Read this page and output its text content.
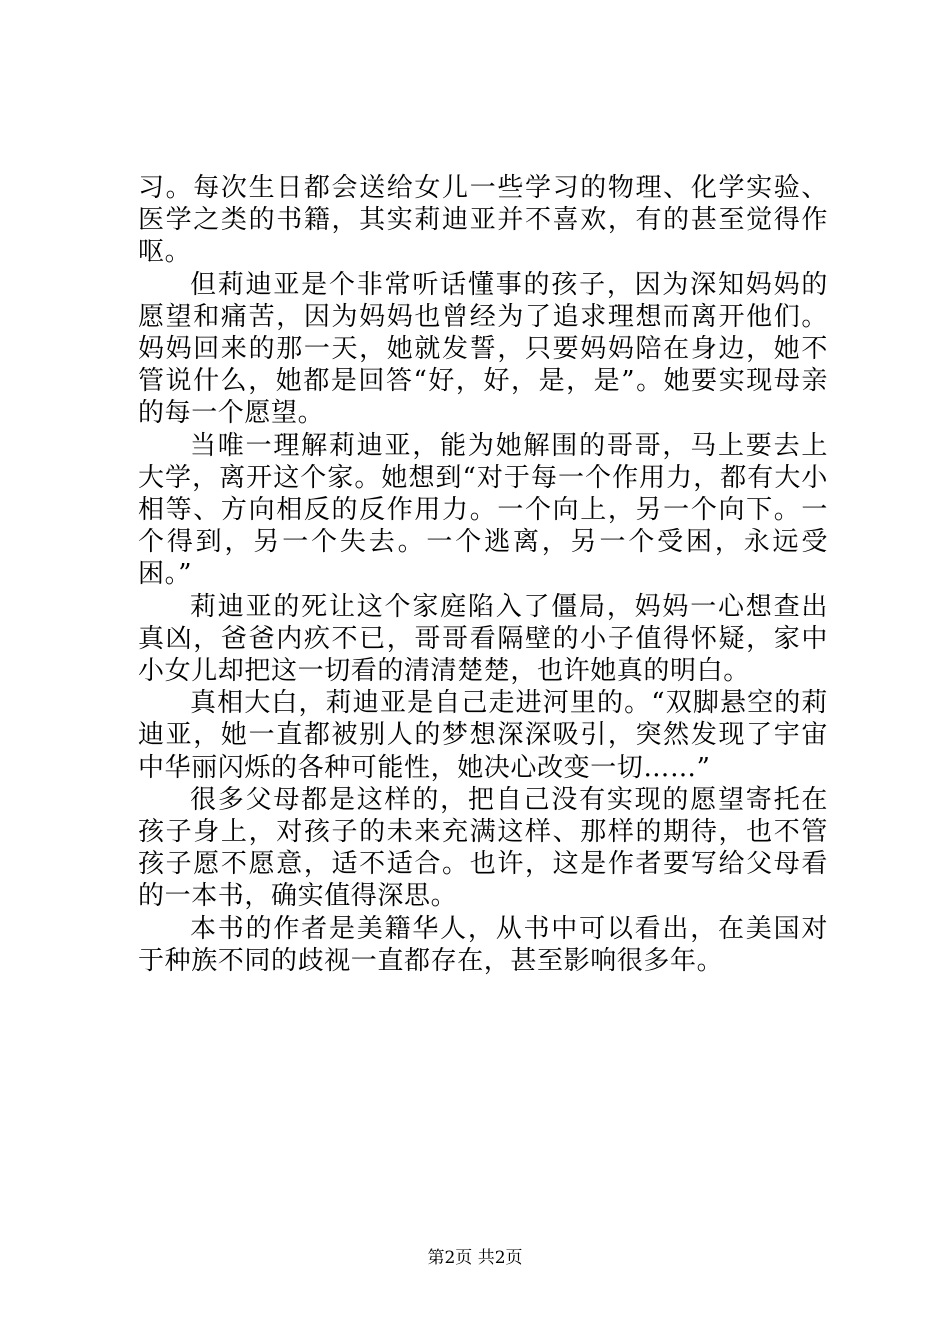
习。每次生日都会送给女儿一些学习的物理、化学实验、医学之类的书籍，其实莉迪亚并不喜欢，有的甚至觉得作呕。

但莉迪亚是个非常听话懂事的孩子，因为深知妈妈的愿望和痛苦，因为妈妈也曾经为了追求理想而离开他们。妈妈回来的那一天，她就发誓，只要妈妈陪在身边，她不管说什么，她都是回答“好，好，是，是”。她要实现母亲的每一个愿望。

当唯一理解莉迪亚，能为她解围的哥哥，马上要去上大学，离开这个家。她想到“对于每一个作用力，都有大小相等、方向相反的反作用力。一个向上，另一个向下。一个得到，另一个失去。一个逃离，另一个受困，永远受困。”

莉迪亚的死让这个家庭陷入了僵局，妈妈一心想查出真凶，爸爸内疚不已，哥哥看隔壁的小子值得怀疑，家中小女儿却把这一切看的清清楚楚，也许她真的明白。

真相大白，莉迪亚是自己走进河里的。“双脚悬空的莉迪亚，她一直都被别人的梦想深深吸引，突然发现了宇宙中华丽闪烁的各种可能性，她决心改变一切……”

很多父母都是这样的，把自己没有实现的愿望寄托在孩子身上，对孩子的未来充满这样、那样的期待，也不管孩子愿不愿意，适不适合。也许，这是作者要写给父母看的一本书，确实值得深思。

本书的作者是美籍华人，从书中可以看出，在美国对于种族不同的歧视一直都存在，甚至影响很多年。

第2页 共2页
